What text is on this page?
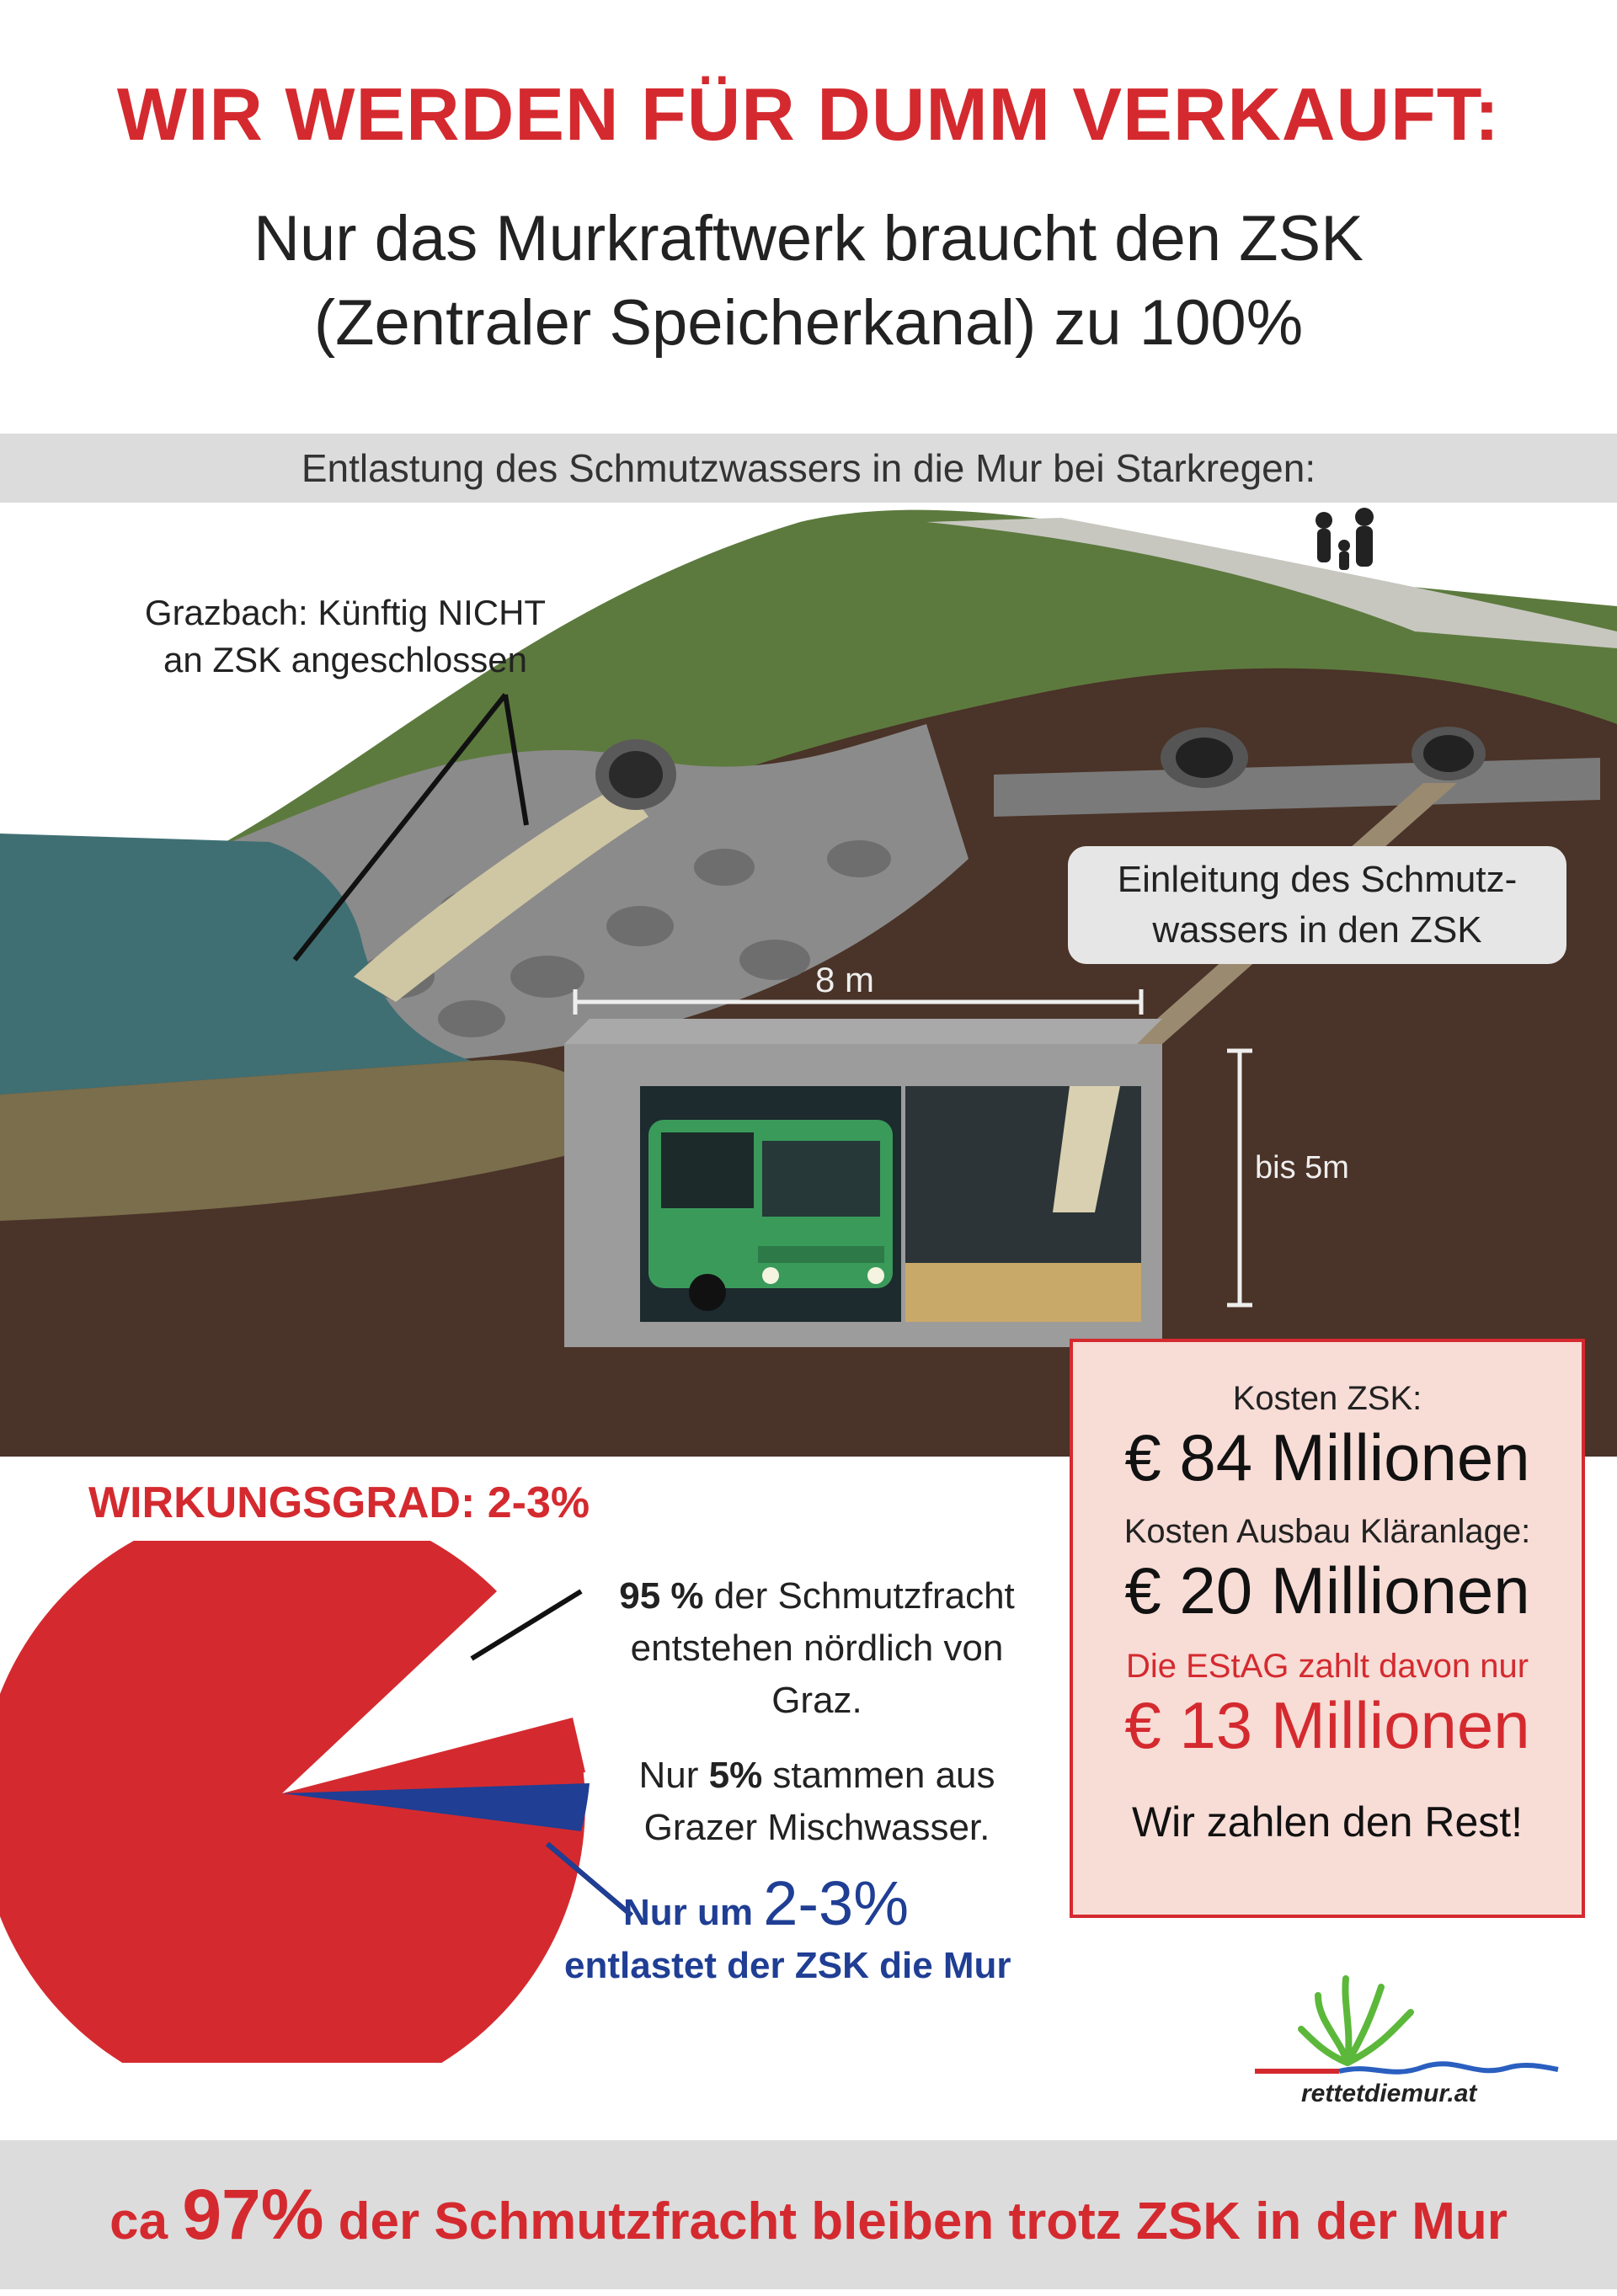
WIR WERDEN FÜR DUMM VERKAUFT:
Nur das Murkraftwerk braucht den ZSK
(Zentraler Speicherkanal) zu 100%
Entlastung des Schmutzwassers in die Mur bei Starkregen:
Grazbach: Künftig NICHT
an ZSK angeschlossen
Einleitung des Schmutz-
wassers in den ZSK
8 m
bis 5m
Kosten ZSK:
€ 84 Millionen
Kosten Ausbau Kläranlage:
€ 20 Millionen
Die EStAG zahlt davon nur
€ 13 Millionen
Wir zahlen den Rest!
WIRKUNGSGRAD: 2-3%
95 % der Schmutzfracht
entstehen nördlich von
Graz.
Nur 5% stammen aus
Grazer Mischwasser.
Nur um 2-3%
entlastet der ZSK die Mur
rettetdiemur.at
ca 97% der Schmutzfracht bleiben trotz ZSK in der Mur
